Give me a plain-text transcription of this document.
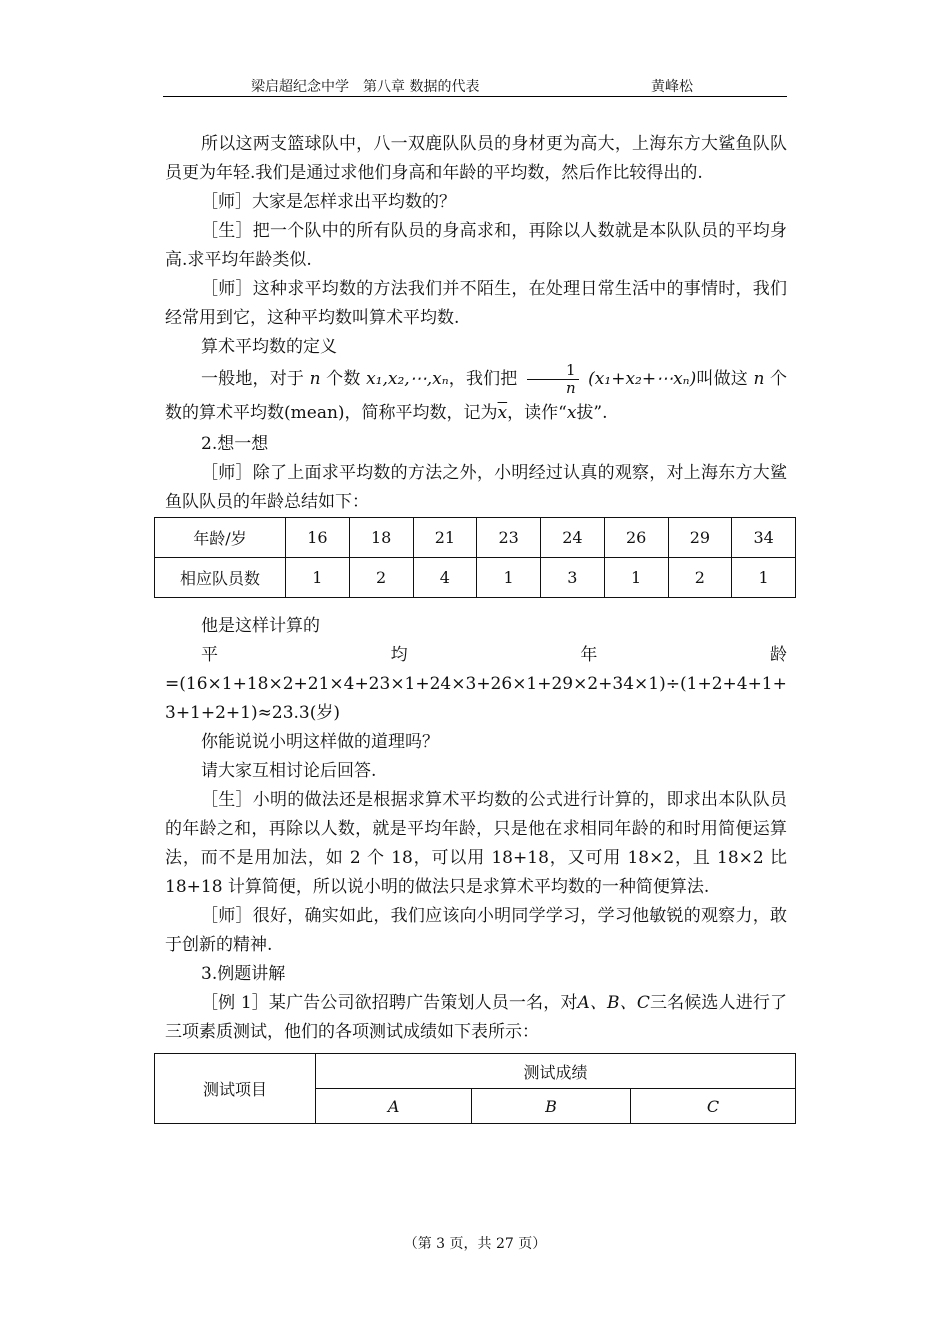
梁启超纪念中学　第八章 数据的代表	黄峰松

所以这两支篮球队中，八一双鹿队队员的身材更为高大，上海东方大鲨鱼队队员更为年轻.我们是通过求他们身高和年龄的平均数，然后作比较得出的.

［师］大家是怎样求出平均数的？

［生］把一个队中的所有队员的身高求和，再除以人数就是本队队员的平均身高.求平均年龄类似.

［师］这种求平均数的方法我们并不陌生，在处理日常生活中的事情时，我们经常用到它，这种平均数叫算术平均数.

算术平均数的定义

一般地，对于 n 个数 x₁,x₂,⋯,xₙ，我们把 $\frac{1}{n}$ (x₁+x₂+⋯xₙ)叫做这 n 个数的算术平均数(mean)，简称平均数，记为$\overline{x}$，读作“x拔”.

2.想一想

［师］除了上面求平均数的方法之外，小明经过认真的观察，对上海东方大鲨鱼队队员的年龄总结如下：

年龄/岁	16	18	21	23	24	26	29	34
相应队员数	1	2	4	1	3	1	2	1

他是这样计算的

平	均	年	龄

=(16×1+18×2+21×4+23×1+24×3+26×1+29×2+34×1)÷(1+2+4+1+3+1+2+1)≈23.3(岁)

你能说说小明这样做的道理吗？

请大家互相讨论后回答.

［生］小明的做法还是根据求算术平均数的公式进行计算的，即求出本队队员的年龄之和，再除以人数，就是平均年龄，只是他在求相同年龄的和时用简便运算法，而不是用加法，如 2 个 18，可以用 18+18，又可用 18×2，且 18×2 比 18+18 计算简便，所以说小明的做法只是求算术平均数的一种简便算法.

［师］很好，确实如此，我们应该向小明同学学习，学习他敏锐的观察力，敢于创新的精神.

3.例题讲解

［例 1］某广告公司欲招聘广告策划人员一名，对A、B、C三名候选人进行了三项素质测试，他们的各项测试成绩如下表所示：

测试项目	测试成绩		
	A	B	C
（第 3 页，共 27 页）
